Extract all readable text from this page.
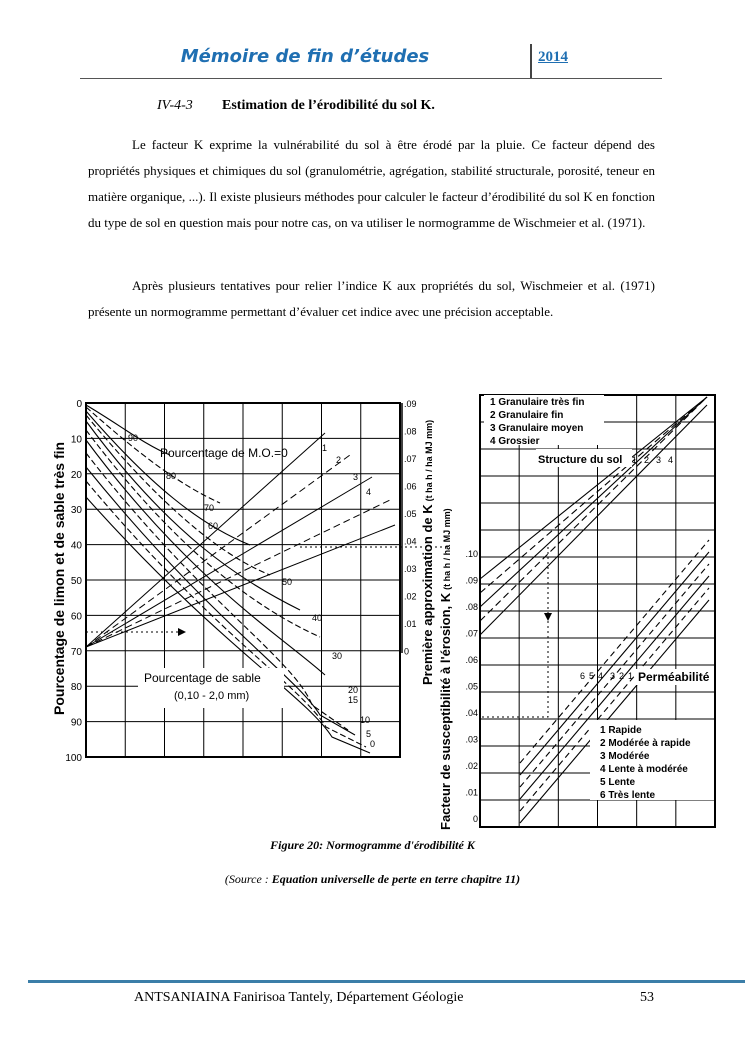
Mémoire de fin d’études	2014
IV-4-3 Estimation de l’érodibilité du sol K.

Le facteur K exprime la vulnérabilité du sol à être érodé par la pluie. Ce facteur dépend des propriétés physiques et chimiques du sol (granulométrie, agrégation, stabilité structurale, porosité, teneur en matière organique, ...). Il existe plusieurs méthodes pour calculer le facteur d’érodibilité du sol K en fonction du type de sol en question mais pour notre cas, on va utiliser le normogramme de Wischmeier et al. (1971).

Après plusieurs tentatives pour relier l’indice K aux propriétés du sol, Wischmeier et al. (1971) présente un normogramme permettant d’évaluer cet indice avec une précision acceptable.

0
10
20
30
40
50
60
70
80
90
100
.09
.08
.07
.06
.05
.04
.03
.02
.01
0
.10
.09
.08
.07
.06
.05
.04
.03
.02
.01
0
Pourcentage de limon et de sable très fin	Pourcentage de M.O.=0	1
2
3
4
Pourcentage de sable
(0,10 - 2,0 mm)
90
80
70
60
50
40
30
20
15
10
5
0
Première approximation de K(t ha h / ha MJ mm)
Facteur de susceptibilité à l'érosion, K(t ha h / ha MJ mm)
1 Granulaire très fin
2 Granulaire fin
3 Granulaire moyen
4 Grossier
Structure du sol 1 2 3 4
6 5 4 3 2 1 Perméabilité
1 Rapide
2 Modérée à rapide
3 Modérée
4 Lente à modérée
5 Lente
6 Très lente
Figure 20: Normogramme d'érodibilité K
(Source : Equation universelle de perte en terre chapitre 11)
ANTSANIAINA Fanirisoa Tantely, Département Géologie	53
